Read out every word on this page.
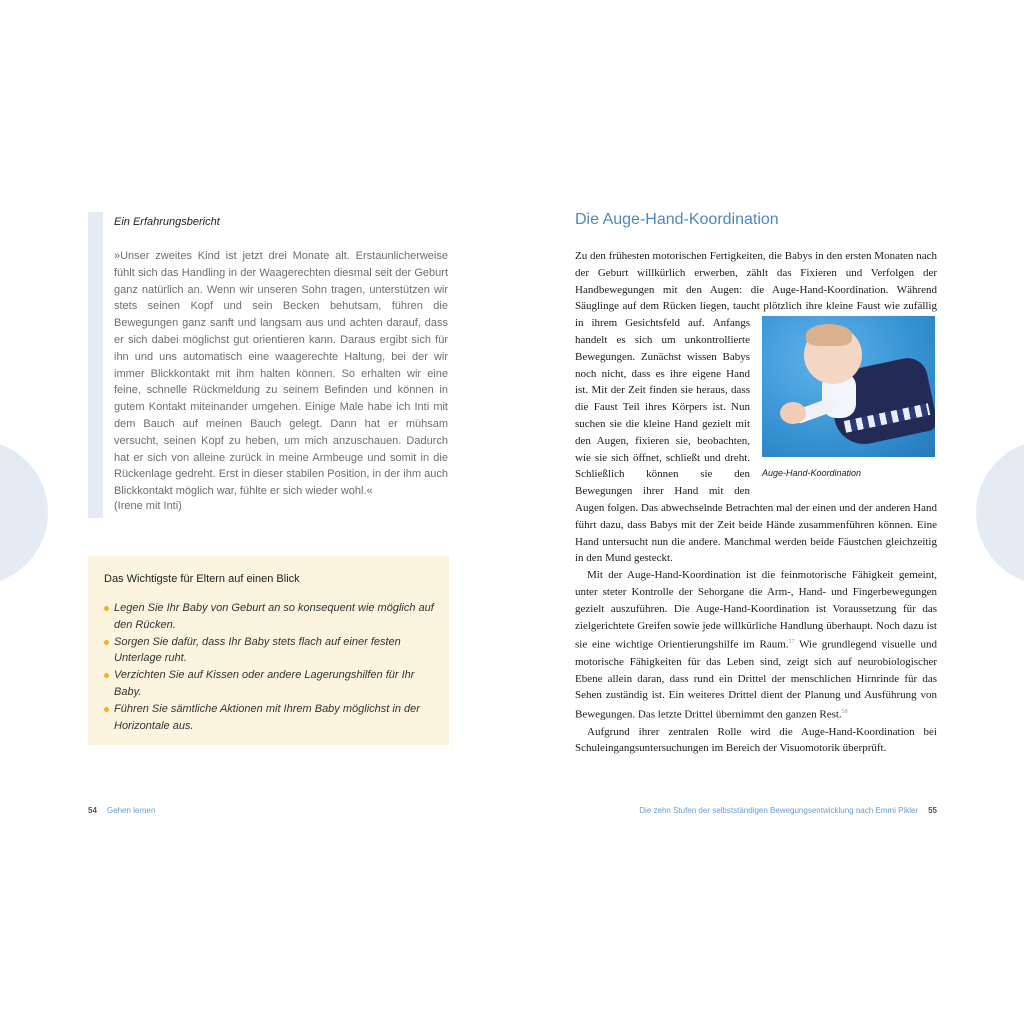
Ein Erfahrungsbericht
»Unser zweites Kind ist jetzt drei Monate alt. Erstaunlicherweise fühlt sich das Handling in der Waagerechten diesmal seit der Geburt ganz natürlich an. Wenn wir unseren Sohn tragen, unterstützen wir stets seinen Kopf und sein Becken behutsam, führen die Bewegungen ganz sanft und langsam aus und achten darauf, dass er sich dabei möglichst gut orientieren kann. Daraus ergibt sich für ihn und uns automatisch eine waagerechte Haltung, bei der wir immer Blickkontakt mit ihm halten können. So erhalten wir eine feine, schnelle Rückmeldung zu seinem Befinden und können in gutem Kontakt miteinander umgehen. Einige Male habe ich Inti mit dem Bauch auf meinen Bauch gelegt. Dann hat er mühsam versucht, seinen Kopf zu heben, um mich anzuschauen. Dadurch hat er sich von alleine zurück in meine Armbeuge und somit in die Rückenlage gedreht. Erst in dieser stabilen Position, in der ihm auch Blickkontakt möglich war, fühlte er sich wieder wohl.«
(Irene mit Inti)
Das Wichtigste für Eltern auf einen Blick
Legen Sie Ihr Baby von Geburt an so konsequent wie möglich auf den Rücken.
Sorgen Sie dafür, dass Ihr Baby stets flach auf einer festen Unterlage ruht.
Verzichten Sie auf Kissen oder andere Lagerungshilfen für Ihr Baby.
Führen Sie sämtliche Aktionen mit Ihrem Baby möglichst in der Horizontale aus.
54 Gehen lernen
Die Auge-Hand-Koordination

Zu den frühesten motorischen Fertigkeiten, die Babys in den ersten Monaten nach der Geburt willkürlich erwerben, zählt das Fixieren und Verfolgen der Handbewegungen mit den Augen: die Auge-Hand-Koordination. Während Säuglinge auf dem Rücken liegen, taucht plötzlich ihre kleine Faust wie zufällig in ihrem Gesichtsfeld auf.
Auge-Hand-Koordination
Anfangs handelt es sich um unkontrollierte Bewegungen. Zunächst wissen Babys noch nicht, dass es ihre eigene Hand ist. Mit der Zeit finden sie heraus, dass die Faust Teil ihres Körpers ist. Nun suchen sie die kleine Hand gezielt mit den Augen, fixieren sie, beobachten, wie sie sich öffnet, schließt und dreht. Schließlich können sie den Bewegungen ihrer Hand mit den Augen folgen. Das abwechselnde Betrachten mal der einen und der anderen Hand führt dazu, dass Babys mit der Zeit beide Hände zusammenführen können. Eine Hand untersucht nun die andere. Manchmal werden beide Fäustchen gleichzeitig in den Mund gesteckt.

Mit der Auge-Hand-Koordination ist die feinmotorische Fähigkeit gemeint, unter steter Kontrolle der Sehorgane die Arm-, Hand- und Fingerbewegungen gezielt auszuführen. Die Auge-Hand-Koordination ist Voraussetzung für das zielgerichtete Greifen sowie jede willkürliche Handlung überhaupt. Noch dazu ist sie eine wichtige Orientierungshilfe im Raum.$^{57}$ Wie grundlegend visuelle und motorische Fähigkeiten für das Leben sind, zeigt sich auf neurobiologischer Ebene allein daran, dass rund ein Drittel der menschlichen Hirnrinde für das Sehen zuständig ist. Ein weiteres Drittel dient der Planung und Ausführung von Bewegungen. Das letzte Drittel übernimmt den ganzen Rest.$^{58}$

Aufgrund ihrer zentralen Rolle wird die Auge-Hand-Koordination bei Schuleingangsuntersuchungen im Bereich der Visuomotorik überprüft.

Die zehn Stufen der selbstständigen Bewegungsentwicklung nach Emmi Pikler 55
